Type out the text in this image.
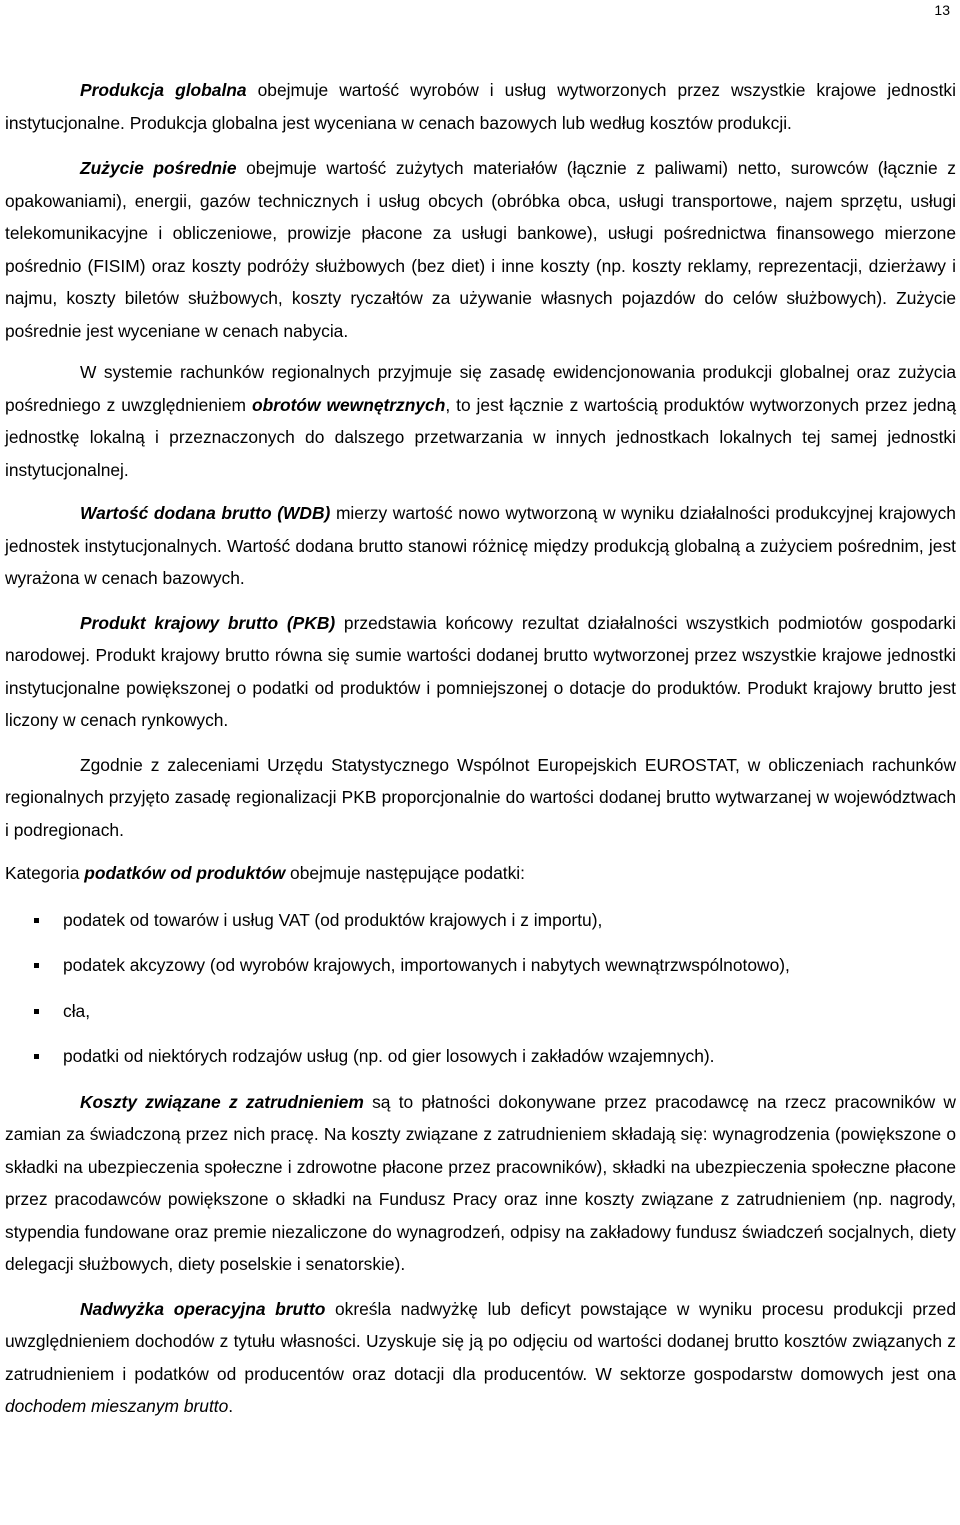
13

Produkcja globalna obejmuje wartość wyrobów i usług wytworzonych przez wszystkie krajowe jednostki instytucjonalne. Produkcja globalna jest wyceniana w cenach bazowych lub według kosztów produkcji.

Zużycie pośrednie obejmuje wartość zużytych materiałów (łącznie z paliwami) netto, surowców (łącznie z opakowaniami), energii, gazów technicznych i usług obcych (obróbka obca, usługi transportowe, najem sprzętu, usługi telekomunikacyjne i obliczeniowe, prowizje płacone za usługi bankowe), usługi pośrednictwa finansowego mierzone pośrednio (FISIM) oraz koszty podróży służbowych (bez diet) i inne koszty (np. koszty reklamy, reprezentacji, dzierżawy i najmu, koszty biletów służbowych, koszty ryczałtów za używanie własnych pojazdów do celów służbowych). Zużycie pośrednie jest wyceniane w cenach nabycia.

W systemie rachunków regionalnych przyjmuje się zasadę ewidencjonowania produkcji globalnej oraz zużycia pośredniego z uwzględnieniem obrotów wewnętrznych, to jest łącznie z wartością produktów wytworzonych przez jedną jednostkę lokalną i przeznaczonych do dalszego przetwarzania w innych jednostkach lokalnych tej samej jednostki instytucjonalnej.

Wartość dodana brutto (WDB) mierzy wartość nowo wytworzoną w wyniku działalności produkcyjnej krajowych jednostek instytucjonalnych. Wartość dodana brutto stanowi różnicę między produkcją globalną a zużyciem pośrednim, jest wyrażona w cenach bazowych.

Produkt krajowy brutto (PKB) przedstawia końcowy rezultat działalności wszystkich podmiotów gospodarki narodowej. Produkt krajowy brutto równa się sumie wartości dodanej brutto wytworzonej przez wszystkie krajowe jednostki instytucjonalne powiększonej o podatki od produktów i pomniejszonej o dotacje do produktów. Produkt krajowy brutto jest liczony w cenach rynkowych.

Zgodnie z zaleceniami Urzędu Statystycznego Wspólnot Europejskich EUROSTAT, w obliczeniach rachunków regionalnych przyjęto zasadę regionalizacji PKB proporcjonalnie do wartości dodanej brutto wytwarzanej w województwach i podregionach.

Kategoria podatków od produktów obejmuje następujące podatki:

podatek od towarów i usług VAT (od produktów krajowych i z importu),
podatek akcyzowy (od wyrobów krajowych, importowanych i nabytych wewnątrzwspólnotowo),
cła,
podatki od niektórych rodzajów usług (np. od gier losowych i zakładów wzajemnych).

Koszty związane z zatrudnieniem są to płatności dokonywane przez pracodawcę na rzecz pracowników w zamian za świadczoną przez nich pracę. Na koszty związane z zatrudnieniem składają się: wynagrodzenia (powiększone o składki na ubezpieczenia społeczne i zdrowotne płacone przez pracowników), składki na ubezpieczenia społeczne płacone przez pracodawców powiększone o składki na Fundusz Pracy oraz inne koszty związane z zatrudnieniem (np. nagrody, stypendia fundowane oraz premie niezaliczone do wynagrodzeń, odpisy na zakładowy fundusz świadczeń socjalnych, diety delegacji służbowych, diety poselskie i senatorskie).

Nadwyżka operacyjna brutto określa nadwyżkę lub deficyt powstające w wyniku procesu produkcji przed uwzględnieniem dochodów z tytułu własności. Uzyskuje się ją po odjęciu od wartości dodanej brutto kosztów związanych z zatrudnieniem i podatków od producentów oraz dotacji dla producentów. W sektorze gospodarstw domowych jest ona dochodem mieszanym brutto.
